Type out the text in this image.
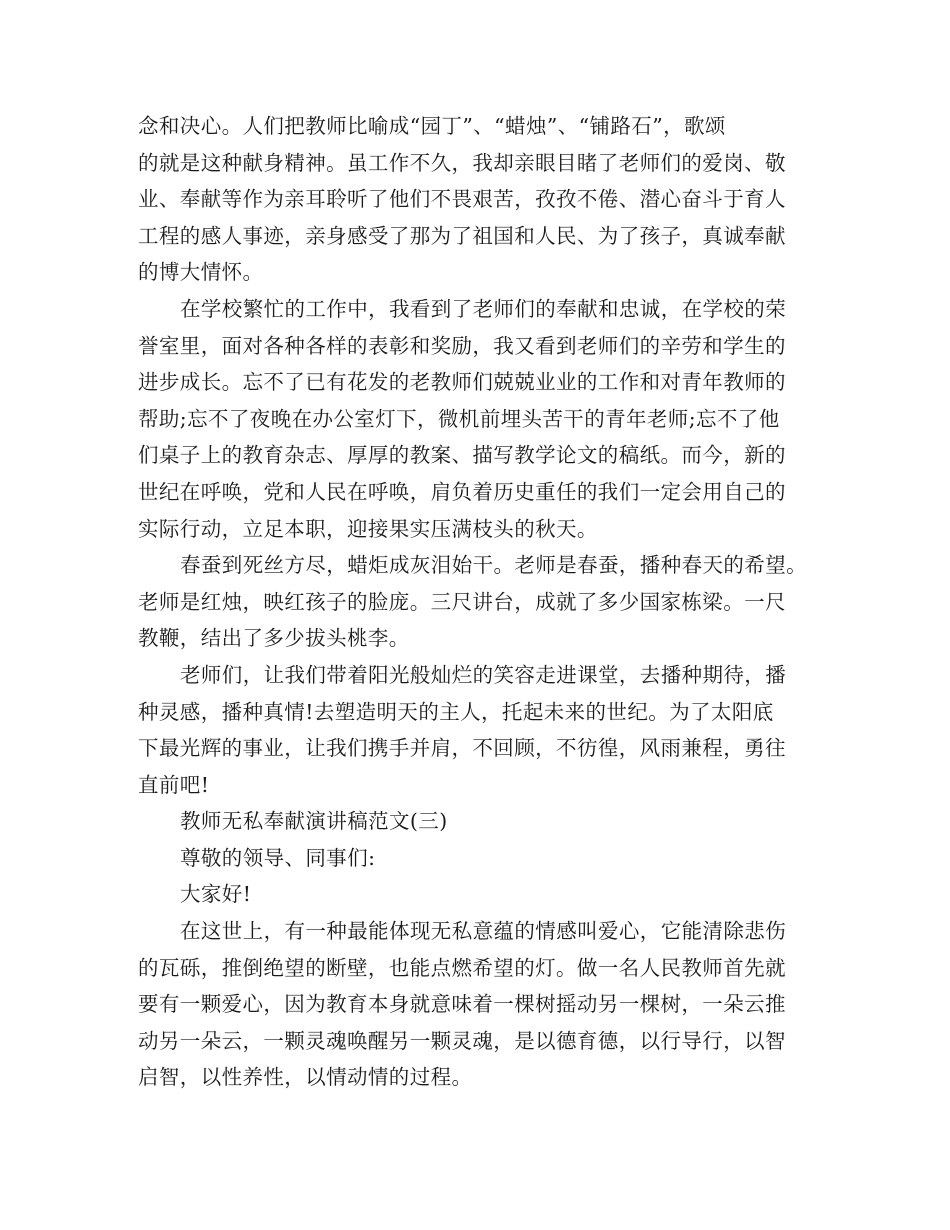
念和决心。人们把教师比喻成“园丁”、“蜡烛”、“铺路石”，歌颂
的就是这种献身精神。虽工作不久，我却亲眼目睹了老师们的爱岗、敬
业、奉献等作为亲耳聆听了他们不畏艰苦，孜孜不倦、潜心奋斗于育人
工程的感人事迹，亲身感受了那为了祖国和人民、为了孩子，真诚奉献
的博大情怀。
在学校繁忙的工作中，我看到了老师们的奉献和忠诚，在学校的荣
誉室里，面对各种各样的表彰和奖励，我又看到老师们的辛劳和学生的
进步成长。忘不了已有花发的老教师们兢兢业业的工作和对青年教师的
帮助;忘不了夜晚在办公室灯下，微机前埋头苦干的青年老师;忘不了他
们桌子上的教育杂志、厚厚的教案、描写教学论文的稿纸。而今，新的
世纪在呼唤，党和人民在呼唤，肩负着历史重任的我们一定会用自己的
实际行动，立足本职，迎接果实压满枝头的秋天。
春蚕到死丝方尽，蜡炬成灰泪始干。老师是春蚕，播种春天的希望。
老师是红烛，映红孩子的脸庞。三尺讲台，成就了多少国家栋梁。一尺
教鞭，结出了多少拔头桃李。
老师们，让我们带着阳光般灿烂的笑容走进课堂，去播种期待，播
种灵感，播种真情!去塑造明天的主人，托起未来的世纪。为了太阳底
下最光辉的事业，让我们携手并肩，不回顾，不彷徨，风雨兼程，勇往
直前吧!
教师无私奉献演讲稿范文(三)
尊敬的领导、同事们:
大家好!
在这世上，有一种最能体现无私意蕴的情感叫爱心，它能清除悲伤
的瓦砾，推倒绝望的断壁，也能点燃希望的灯。做一名人民教师首先就
要有一颗爱心，因为教育本身就意味着一棵树摇动另一棵树，一朵云推
动另一朵云，一颗灵魂唤醒另一颗灵魂，是以德育德，以行导行，以智
启智，以性养性，以情动情的过程。
